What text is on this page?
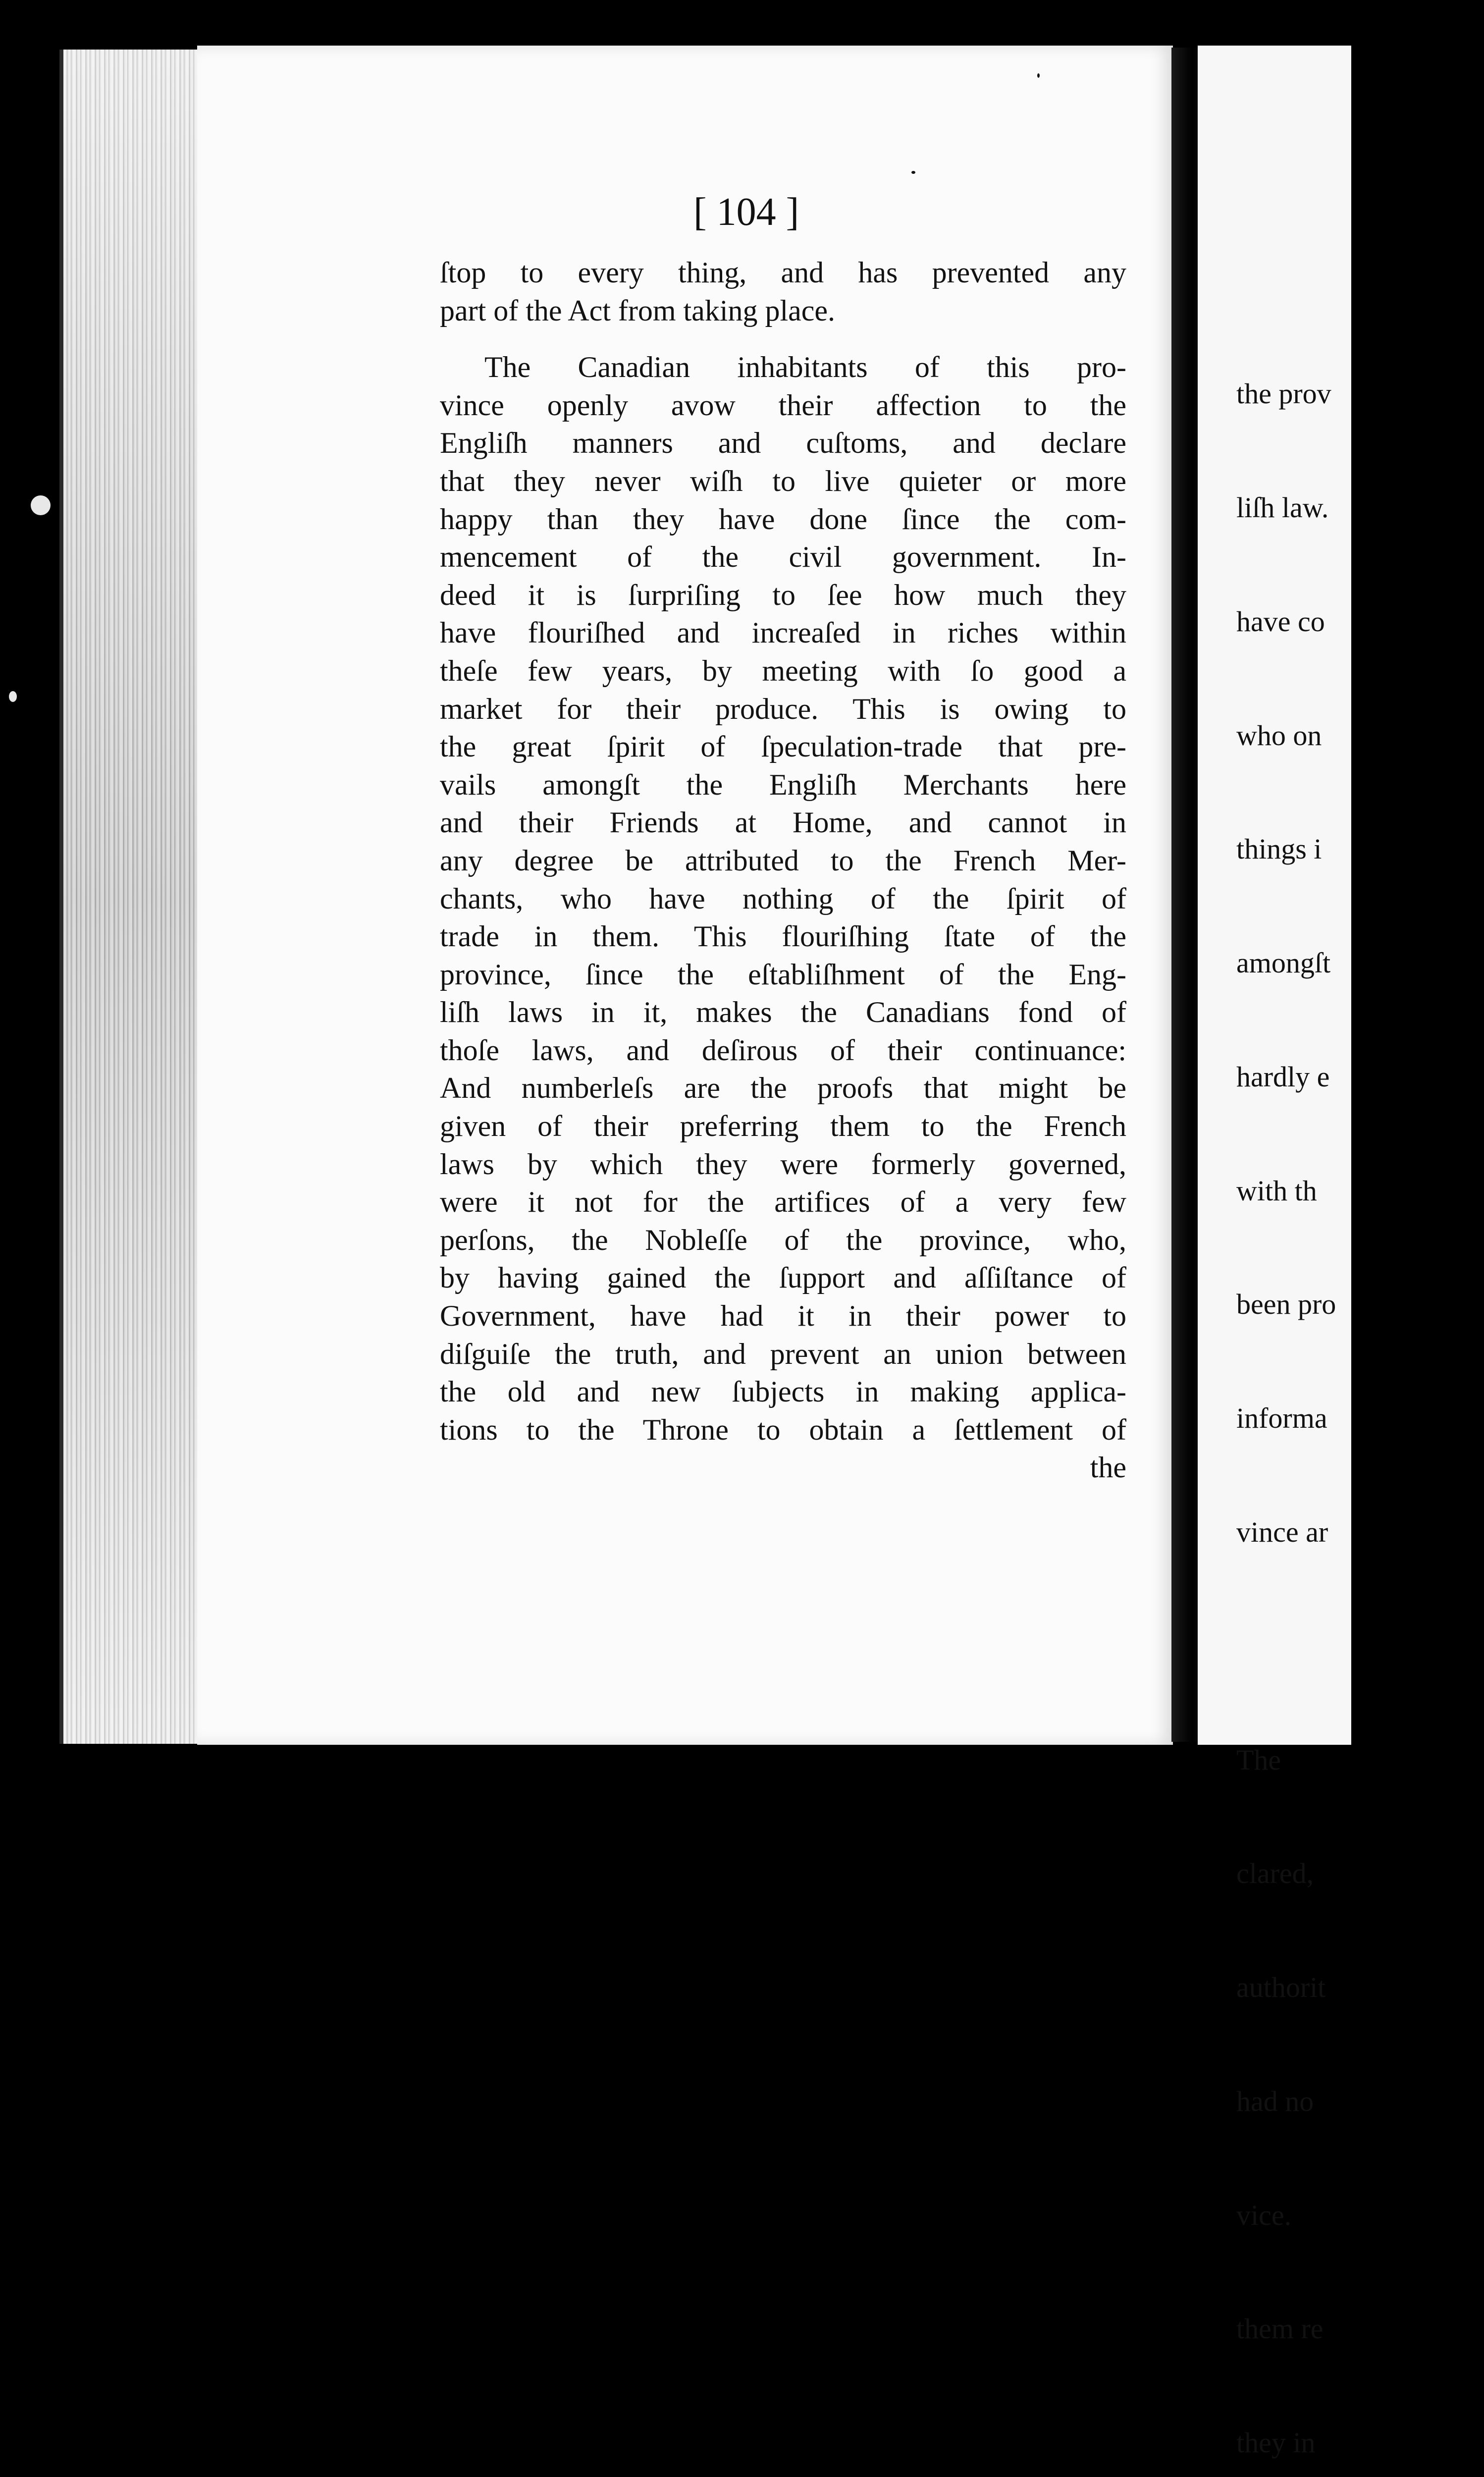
[ 104 ]
ſtop to every thing, and has prevented any
part of the Act from taking place.
The Canadian inhabitants of this pro-
vince openly avow their affection to the
Engliſh manners and cuſtoms, and declare
that they never wiſh to live quieter or more
happy than they have done ſince the com-
mencement of the civil government. In-
deed it is ſurpriſing to ſee how much they
have flouriſhed and increaſed in riches within
theſe few years, by meeting with ſo good a
market for their produce. This is owing to
the great ſpirit of ſpeculation-trade that pre-
vails amongſt the Engliſh Merchants here
and their Friends at Home, and cannot in
any degree be attributed to the French Mer-
chants, who have nothing of the ſpirit of
trade in them. This flouriſhing ſtate of the
province, ſince the eſtabliſhment of the Eng-
liſh laws in it, makes the Canadians fond of
thoſe laws, and deſirous of their continuance:
And numberleſs are the proofs that might be
given of their preferring them to the French
laws by which they were formerly governed,
were it not for the artifices of a very few
perſons, the Nobleſſe of the province, who,
by having gained the ſupport and aſſiſtance of
Government, have had it in their power to
diſguiſe the truth, and prevent an union between
the old and new ſubjects in making applica-
tions to the Throne to obtain a ſettlement of
the

the prov

liſh law.

have co

who on

things i

amongſt

hardly e

with th

been pro

informa

vince ar

The

clared,

authorit

had no

vice.

them re

they in
